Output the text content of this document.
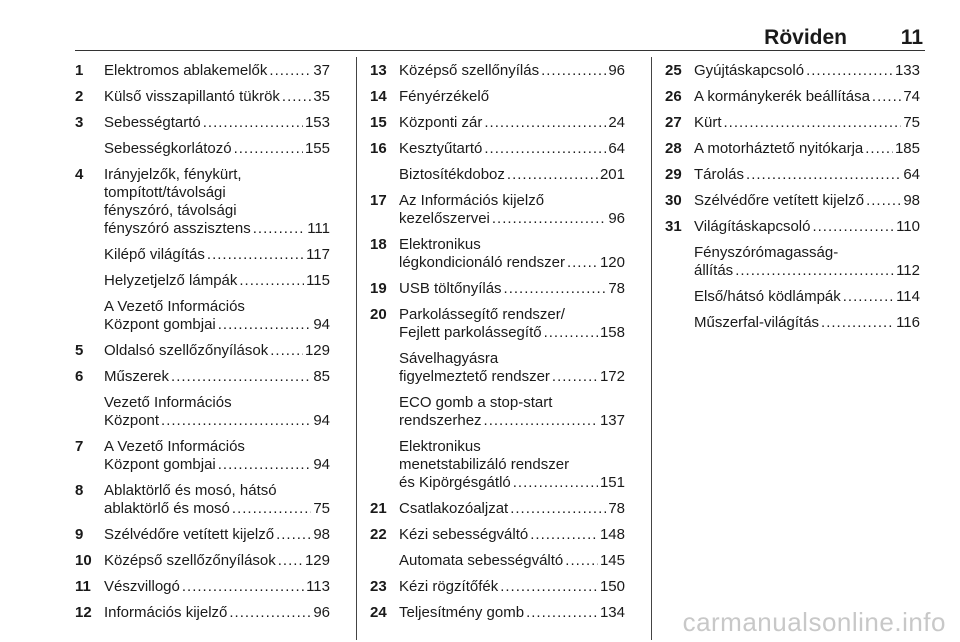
Röviden	11
1	Elektromos ablakemelők .....	37
2	Külső visszapillantó tükrök ..... 35
3	Sebességtartó .....	153
Sebességkorlátozó .....	155
4	Irányjelzők, fénykürt,
tompított/távolsági
fényszóró, távolsági
fényszóró asszisztens .....	111
Kilépő világítás .....	117
Helyzetjelző lámpák .....	115
A Vezető Információs
Központ gombjai .....	94
5	Oldalsó szellőzőnyílások ..... 129
6	Műszerek .....	85
Vezető Információs
Központ .....	94
7	A Vezető Információs
Központ gombjai .....	94
8	Ablaktörlő és mosó, hátsó
ablaktörlő és mosó .....	75
9	Szélvédőre vetített kijelző .....	98
10 Középső szellőzőnyílások ..... 129
11 Vészvillogó .....	113
12 Információs kijelző .....	96
13 Középső szellőnyílás .....	96
14 Fényérzékelő
15 Központi zár .....	24
16 Kesztyűtartó .....	64
Biztosítékdoboz .....	201
17 Az Információs kijelző
kezelőszervei .....	96
18 Elektronikus
légkondicionáló rendszer ..... 120
19 USB töltőnyílás .....	78
20 Parkolássegítő rendszer/
Fejlett parkolássegítő .....	158
Sávelhagyásra
figyelmeztető rendszer .....	172
ECO gomb a stop-start
rendszerhez .....	137
Elektronikus
menetstabilizáló rendszer
és Kipörgésgátló .....	151
21 Csatlakozóaljzat .....	78
22 Kézi sebességváltó .....	148
Automata sebességváltó ..... 145
23 Kézi rögzítőfék .....	150
24 Teljesítmény gomb .....	134
25 Gyújtáskapcsoló .....	133
26 A kormánykerék beállítása ..... 74
27 Kürt .....	75
28 A motorháztető nyitókarja ..... 185
29 Tárolás .....	64
30 Szélvédőre vetített kijelző .....	98
31 Világításkapcsoló .....	110
Fényszórómagasság-
állítás .....	112
Első/hátsó ködlámpák .....	114
Műszerfal-világítás .....	116
carmanualsonline.info
